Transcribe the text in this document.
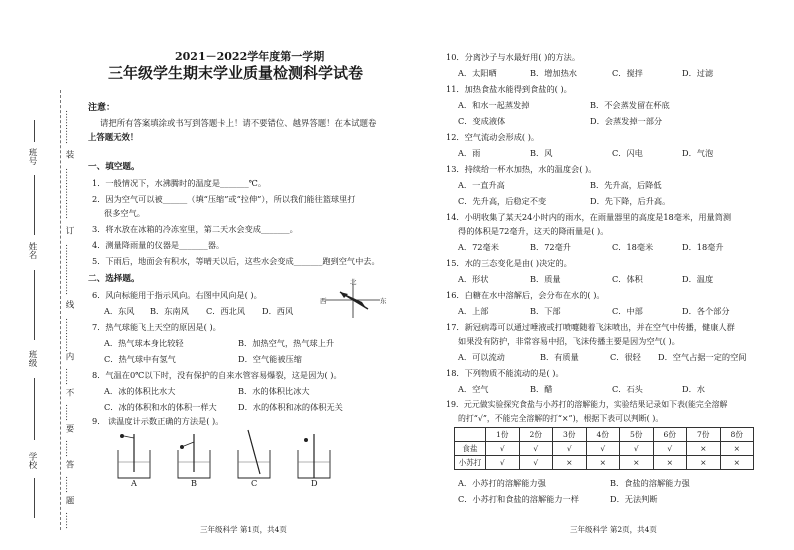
班号
姓名
班级
学校
…………
装
………………
订
………………
线
…………
内
……
不
……
要
……
答
……
题
……
2021－2022学年度第一学期
三年级学生期末学业质量检测科学试卷
注意：
请把所有答案填涂或书写到答题卡上！请不要错位、越界答题！在本试题卷
上答题无效！
一、填空题。
1．一般情况下，水沸腾时的温度是_______℃。
2．因为空气可以被______（填“压缩”或“拉伸”），所以我们能往篮球里打
很多空气。
3．将水放在冰箱的冷冻室里，第二天水会变成_______。
4．测量降雨量的仪器是_______器。
5．下雨后，地面会有积水，等晴天以后，这些水会变成_______跑到空气中去。
二、选择题。
6．风向标能用于指示风向。右图中风向是( )。
A．东风 B．东南风 C．西北风 D．西风
北
西	东
7．热气球能飞上天空的原因是( )。
A．热气球本身比较轻	B．加热空气，热气球上升
C．热气球中有氢气	D．空气能被压缩
8．气温在0℃以下时，没有保护的自来水管容易爆裂，这是因为( )。
A．冰的体积比水大	B．水的体积比冰大
C．冰的体积和水的体积一样大	D．水的体积和冰的体积无关
9． 读温度计示数正确的方法是( )。
A	B	C	D
三年级科学 第1页，共4页
10．分离沙子与水最好用( )的方法。
A．太阳晒	B．增加热水	C．搅拌	D．过滤
11．加热食盐水能得到食盐的( )。
A．和水一起蒸发掉	B．不会蒸发留在杯底
C．变成液体	D．会蒸发掉一部分
12．空气流动会形成( )。
A．雨	B．风	C．闪电	D．气泡
13．持续给一杯水加热，水的温度会( )。
A．一直升高	B．先升高，后降低
C．先升高，后稳定不变	D．先下降，后升高。
14．小明收集了某天24小时内的雨水，在雨量器里的高度是18毫米，用量筒测
得的体积是72毫升，这天的降雨量是( )。
A．72毫米	B．72毫升	C．18毫米	D．18毫升
15．水的三态变化是由( )决定的。
A．形状	B．质量	C．体积	D．温度
16．白糖在水中溶解后，会分布在水的( )。
A．上部	B．下部	C．中部	D．各个部分
17．新冠病毒可以通过唾液或打喷嚏随着飞沫喷出，并在空气中传播，健康人群
如果没有防护，非常容易中招，飞沫传播主要是因为空气( )。
A．可以流动	B．有质量	C．很轻 D．空气占据一定的空间
18．下列物质不能流动的是( )。
A．空气	B．醋	C．石头	D．水
19．元元做实验探究食盐与小苏打的溶解能力，实验结果记录如下表(能完全溶解
的打“√”，不能完全溶解的打“×”)，根据下表可以判断( )。
	1份	2份	3份	4份	5份	6份	7份	8份
食盐	√	√	√	√	√	√	×	×
小苏打	√	√	×	×	×	×	×	×
A．小苏打的溶解能力强	B．食盐的溶解能力强
C．小苏打和食盐的溶解能力一样	D．无法判断
三年级科学 第2页，共4页
